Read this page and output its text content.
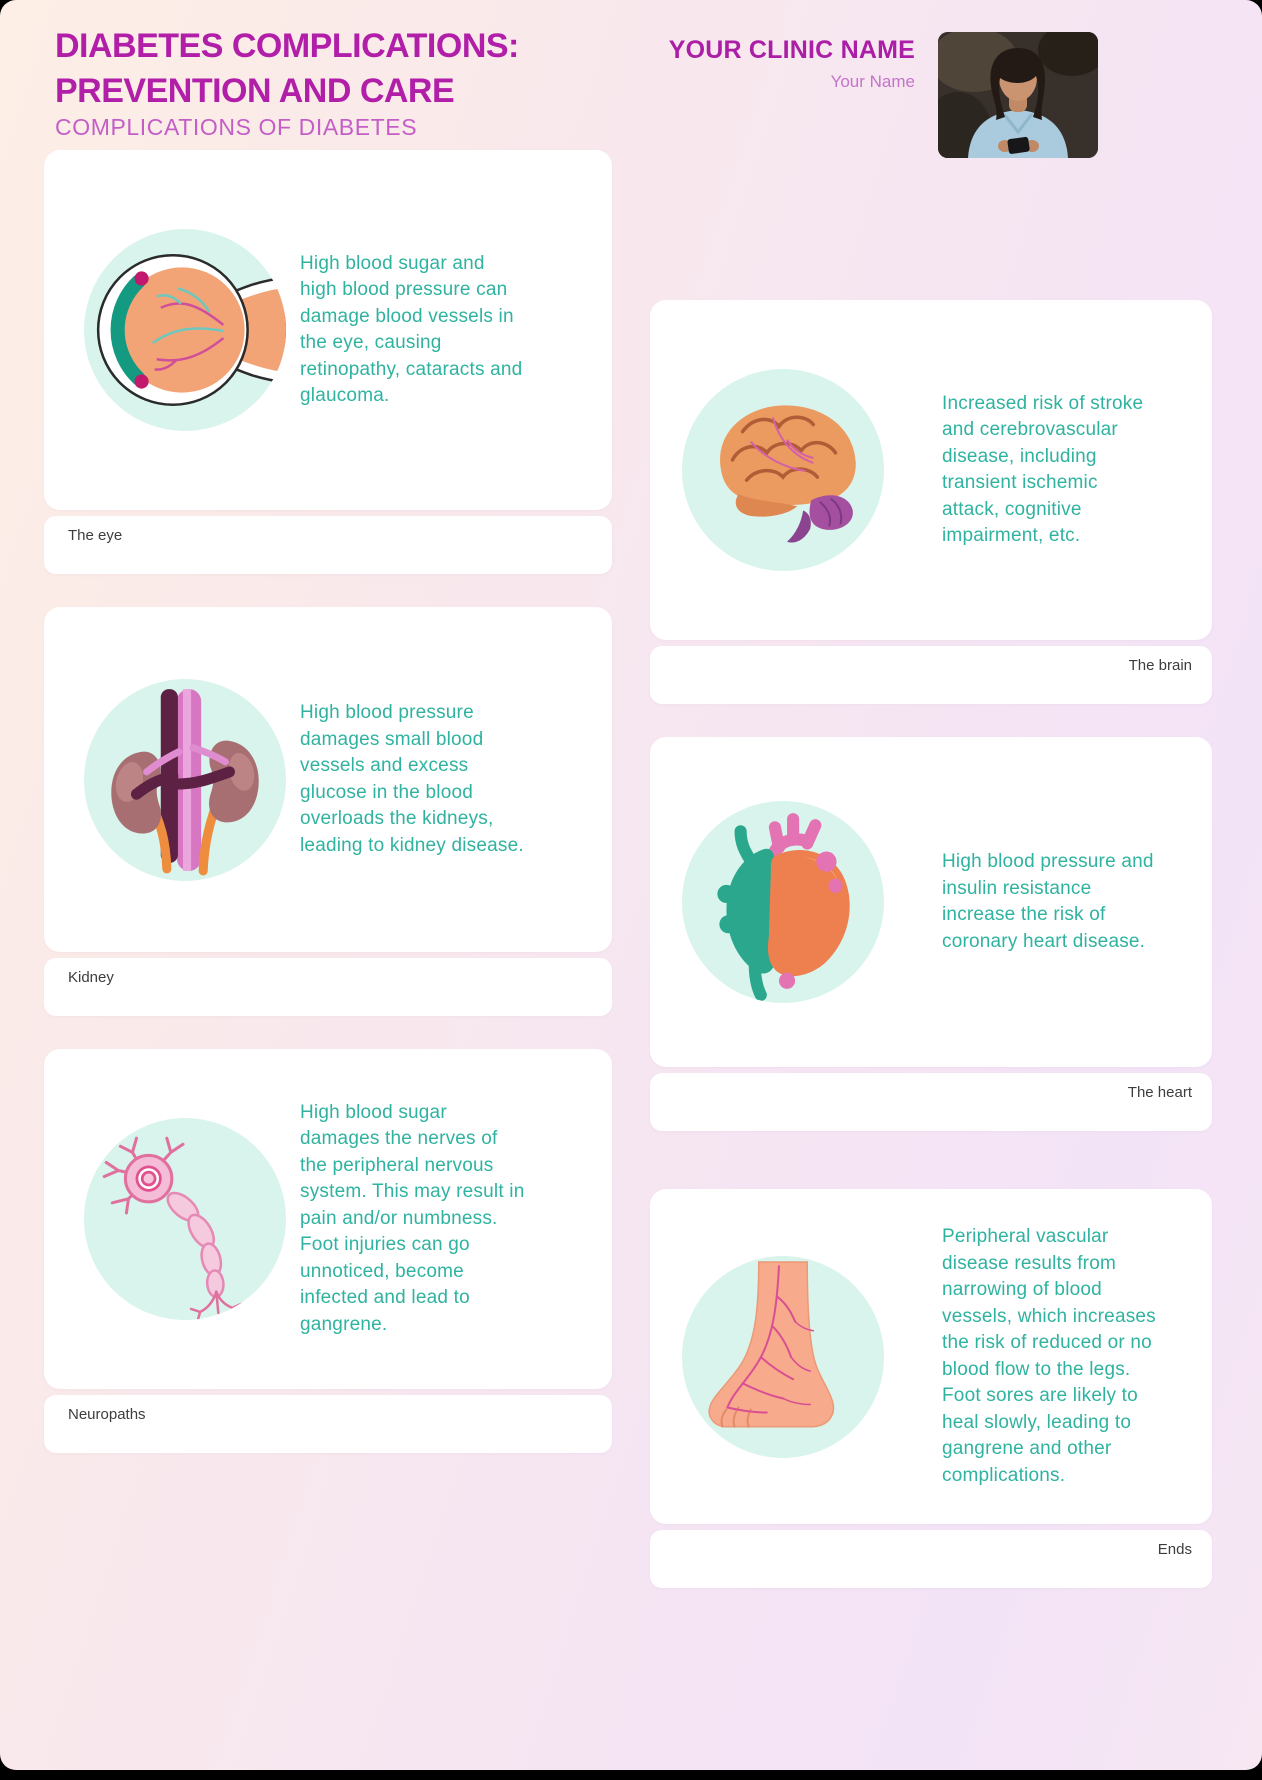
DIABETES COMPLICATIONS:
PREVENTION AND CARE
COMPLICATIONS OF DIABETES
YOUR CLINIC NAME
Your Name
High blood sugar and high blood pressure can damage blood vessels in the eye, causing retinopathy, cataracts and glaucoma.
The eye
High blood pressure damages small blood vessels and excess glucose in the blood overloads the kidneys, leading to kidney disease.
Kidney
High blood sugar damages the nerves of the peripheral nervous system. This may result in pain and/or numbness. Foot injuries can go unnoticed, become infected and lead to gangrene.
Neuropaths
Increased risk of stroke and cerebrovascular disease, including transient ischemic attack, cognitive impairment, etc.
The brain
High blood pressure and insulin resistance increase the risk of coronary heart disease.
The heart
Peripheral vascular disease results from narrowing of blood vessels, which increases the risk of reduced or no blood flow to the legs. Foot sores are likely to heal slowly, leading to gangrene and other complications.
Ends
